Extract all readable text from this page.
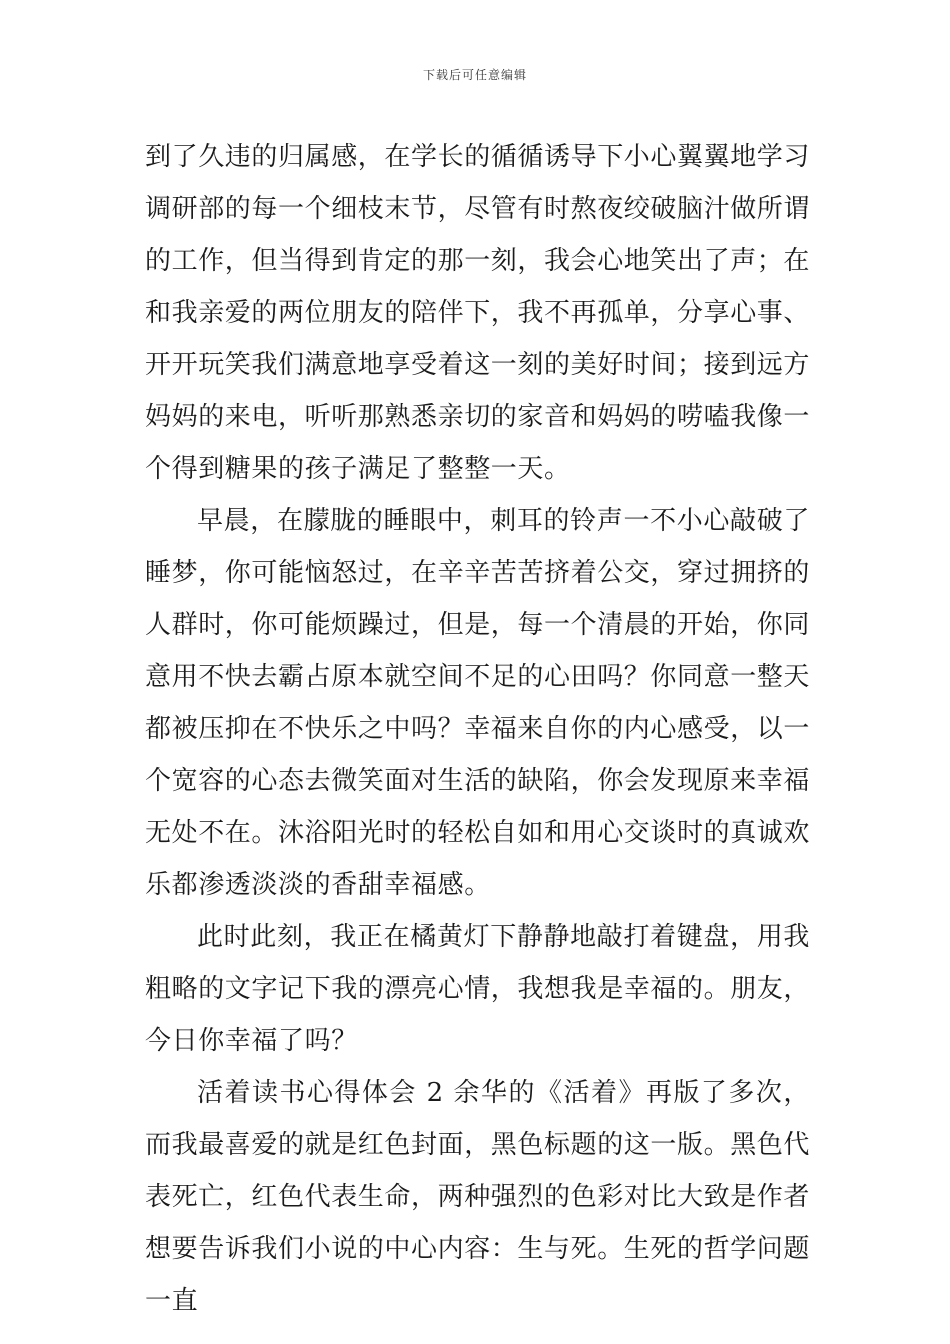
下载后可任意编辑

到了久违的归属感，在学长的循循诱导下小心翼翼地学习调研部的每一个细枝末节，尽管有时熬夜绞破脑汁做所谓的工作，但当得到肯定的那一刻，我会心地笑出了声；在和我亲爱的两位朋友的陪伴下，我不再孤单，分享心事、开开玩笑我们满意地享受着这一刻的美好时间；接到远方妈妈的来电，听听那熟悉亲切的家音和妈妈的唠嗑我像一个得到糖果的孩子满足了整整一天。

早晨，在朦胧的睡眼中，刺耳的铃声一不小心敲破了睡梦，你可能恼怒过，在辛辛苦苦挤着公交，穿过拥挤的人群时，你可能烦躁过，但是，每一个清晨的开始，你同意用不快去霸占原本就空间不足的心田吗？你同意一整天都被压抑在不快乐之中吗？幸福来自你的内心感受，以一个宽容的心态去微笑面对生活的缺陷，你会发现原来幸福无处不在。沐浴阳光时的轻松自如和用心交谈时的真诚欢乐都渗透淡淡的香甜幸福感。

此时此刻，我正在橘黄灯下静静地敲打着键盘，用我粗略的文字记下我的漂亮心情，我想我是幸福的。朋友，今日你幸福了吗？

活着读书心得体会 2 余华的《活着》再版了多次，而我最喜爱的就是红色封面，黑色标题的这一版。黑色代表死亡，红色代表生命，两种强烈的色彩对比大致是作者想要告诉我们小说的中心内容：生与死。生死的哲学问题一直
